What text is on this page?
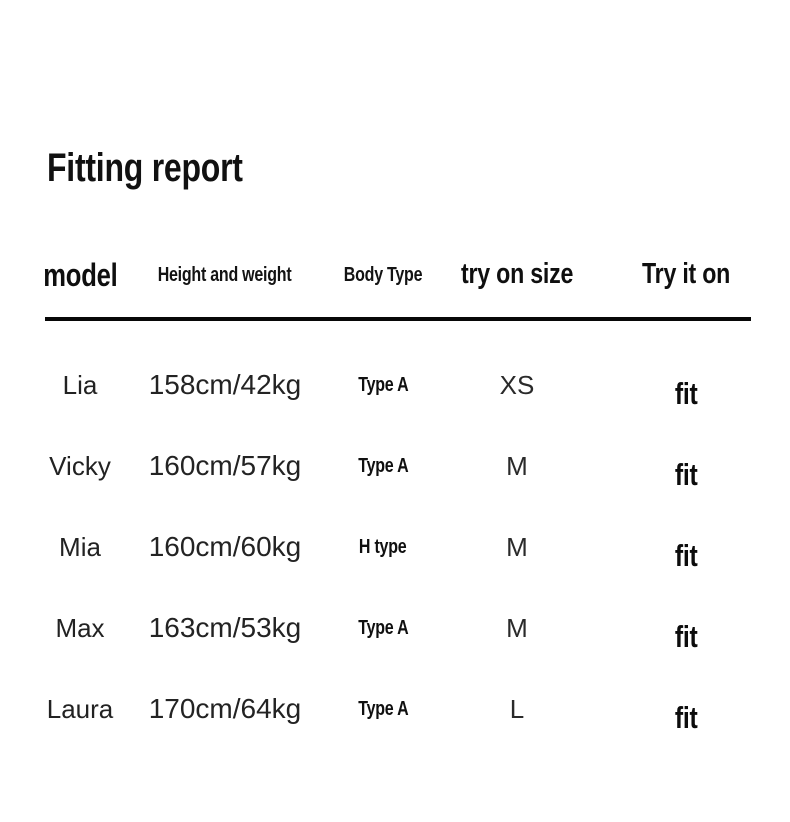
Fitting report
model	Height and weight	Body Type	try on size	Try it on
Lia	158cm/42kg	Type A	XS	fit
Vicky	160cm/57kg	Type A	M	fit
Mia	160cm/60kg	H type	M	fit
Max	163cm/53kg	Type A	M	fit
Laura	170cm/64kg	Type A	L	fit
